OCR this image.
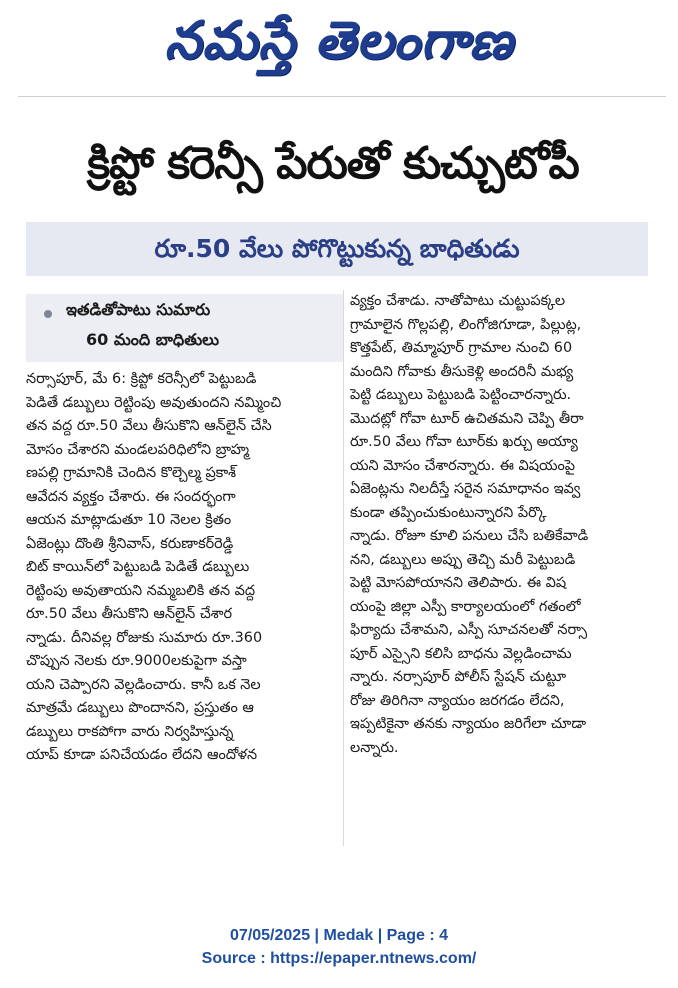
నమస్తే తెలంగాణ
క్రిప్టో కరెన్సీ పేరుతో కుచ్చుటోపీ
రూ.50 వేలు పోగొట్టుకున్న బాధితుడు
ఇతడితోపాటు సుమారు
60 మంది బాధితులు
నర్సాపూర్, మే 6: క్రిప్టో కరెన్సీలో పెట్టుబడి
పెడితే డబ్బులు రెట్టింపు అవుతుందని నమ్మించి
తన వద్ద రూ.50 వేలు తీసుకొని ఆన్‌లైన్ చేసి
మోసం చేశారని మండలపరిధిలోని బ్రాహ్మ
ణపల్లి గ్రామానికి చెందిన కొల్చెల్మ ప్రకాశ్
ఆవేదన వ్యక్తం చేశారు. ఈ సందర్భంగా
ఆయన మాట్లాడుతూ 10 నెలల క్రితం
ఏజెంట్లు దొంతి శ్రీనివాస్, కరుణాకర్‌రెడ్డి
బిట్ కాయిన్‌లో పెట్టుబడి పెడితే డబ్బులు
రెట్టింపు అవుతాయని నమ్మబలికి తన వద్ద
రూ.50 వేలు తీసుకొని ఆన్‌లైన్ చేశార
న్నాడు. దీనివల్ల రోజుకు సుమారు రూ.360
చొప్పున నెలకు రూ.9000లకుపైగా వస్తా
యని చెప్పారని వెల్లడించారు. కానీ ఒక నెల
మాత్రమే డబ్బులు పొందానని, ప్రస్తుతం ఆ
డబ్బులు రాకపోగా వారు నిర్వహిస్తున్న
యాప్ కూడా పనిచేయడం లేదని ఆందోళన
వ్యక్తం చేశాడు. నాతోపాటు చుట్టుపక్కల
గ్రామాలైన గొల్లపల్లి, లింగోజిగూడా, పిల్లుట్ల,
కొత్తపేట్, తిమ్మాపూర్ గ్రామాల నుంచి 60
మందిని గోవాకు తీసుకెళ్లి అందరినీ మభ్య
పెట్టి డబ్బులు పెట్టుబడి పెట్టించారన్నారు.
మొదట్లో గోవా టూర్ ఉచితమని చెప్పి తీరా
రూ.50 వేలు గోవా టూర్‌కు ఖర్చు అయ్యా
యని మోసం చేశారన్నారు. ఈ విషయంపై
ఏజెంట్లను నిలదీస్తే సరైన సమాధానం ఇవ్వ
కుండా తప్పించుకుంటున్నారని పేర్కొ
న్నాడు. రోజూ కూలి పనులు చేసి బతికేవాడి
నని, డబ్బులు అప్పు తెచ్చి మరీ పెట్టుబడి
పెట్టి మోసపోయానని తెలిపారు. ఈ విష
యంపై జిల్లా ఎస్పీ కార్యాలయంలో గతంలో
ఫిర్యాదు చేశామని, ఎస్పీ సూచనలతో నర్సా
పూర్ ఎస్సైని కలిసి బాధను వెల్లడించామ
న్నారు. నర్సాపూర్ పోలీస్ స్టేషన్ చుట్టూ
రోజు తిరిగినా న్యాయం జరగడం లేదని,
ఇప్పటికైనా తనకు న్యాయం జరిగేలా చూడా
లన్నారు.
07/05/2025 | Medak | Page : 4
Source : https://epaper.ntnews.com/
